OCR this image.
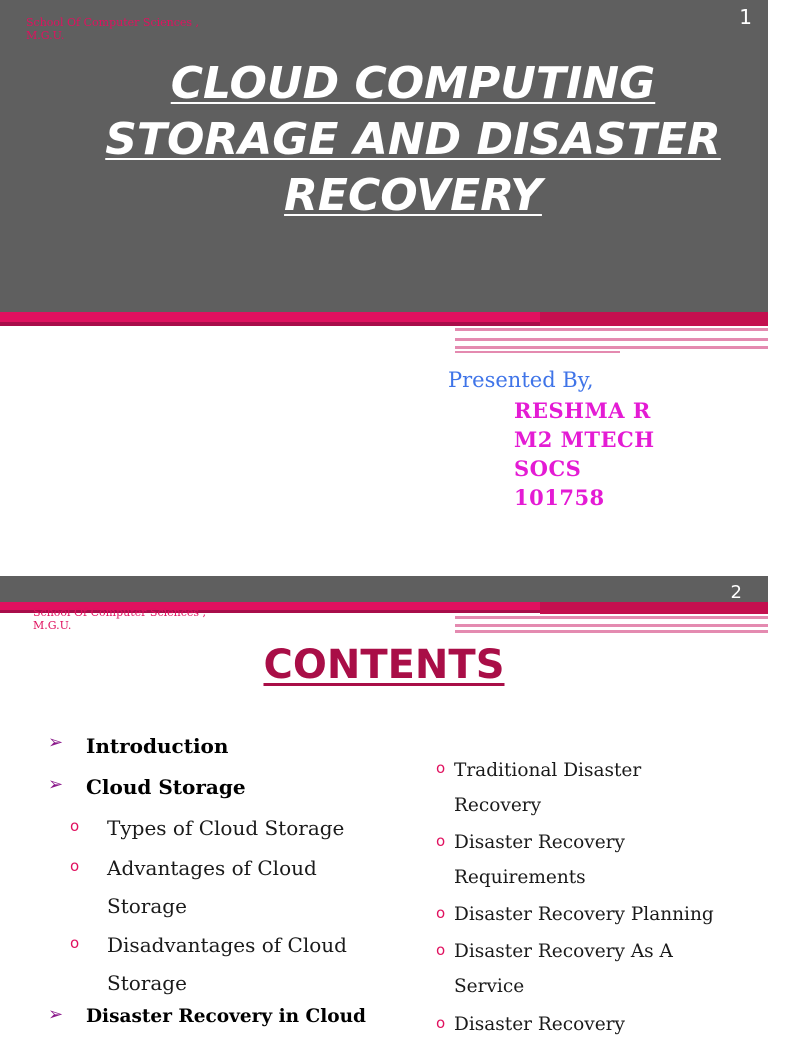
School Of Computer Sciences , M.G.U.
1
CLOUD COMPUTING
STORAGE AND DISASTER
RECOVERY
Presented By,
RESHMA R
M2 MTECH
SOCS
101758
School Of Computer Sciences , M.G.U.
2
CONTENTS
➢ Introduction
➢ Cloud Storage
o Types of Cloud Storage
o Advantages of Cloud Storage
o Disadvantages of Cloud Storage
➢ Disaster Recovery in Cloud
o Traditional Disaster Recovery
o Disaster Recovery Requirements
o Disaster Recovery Planning
o Disaster Recovery As A Service
o Disaster Recovery
